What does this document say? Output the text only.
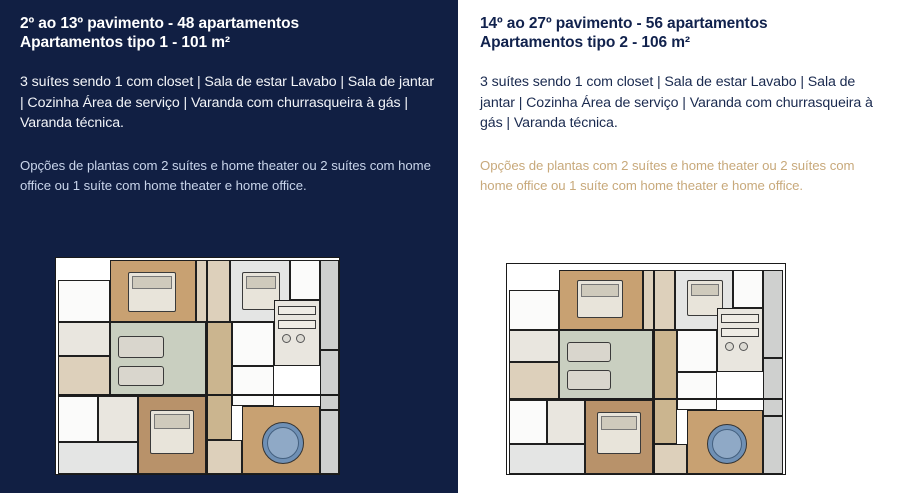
2º ao 13º pavimento - 48 apartamentos
Apartamentos tipo 1 - 101 m²
3 suítes sendo 1 com closet | Sala de estar Lavabo | Sala de jantar | Cozinha Área de serviço | Varanda com churrasqueira à gás | Varanda técnica.
Opções de plantas com 2 suítes e home theater ou 2 suítes com home office ou 1 suíte com home theater e home office.
14º ao 27º pavimento - 56 apartamentos
Apartamentos tipo 2 - 106 m²
3 suítes sendo 1 com closet | Sala de estar Lavabo | Sala de jantar | Cozinha Área de serviço | Varanda com churrasqueira à gás | Varanda técnica.
Opções de plantas com 2 suítes e home theater ou 2 suítes com home office ou 1 suíte com home theater e home office.
